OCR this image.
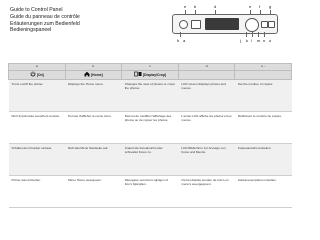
Guide to Control Panel
Guide du panneau de contrôle
Erläuterungen zum Bedienfeld
Bedieningspaneel
e b	d	e f g
h a	j k l m n o
a	b	c	d	e -
[On]	[Home]	[Display/Crop]		
Turns on/off the printer.	Displays the Home menu.	Changes the view of photos or crops the photos.	LCD screen displays photos and menus.	Set the number of copies.
Met l'imprimante sous/hors tension.	Permet d'afficher le menu Accu.	Permet de modifier l'affichage des photos ou de rogner les photos.	L'écran LCD affiche les photos et les menus.	Définissez le nombre de copies.
Schaltet den Drucker ein/aus.	Ruft das Menü Startseite auf.	Ändert die Fotoansicht oder schneidet Fotos zu.	LCD-Bildschirm zur Anzeige von Fotos und Menüs.	Kopienanzahl einstellen.
Printer aan-/uitzetten.	Menu Home weergeven.	Weergave van foto's wijzigen of foto's bijsnijden.	Op het display worden de foto's en menu's weergegeven.	Aantal exemplaren instellen.
